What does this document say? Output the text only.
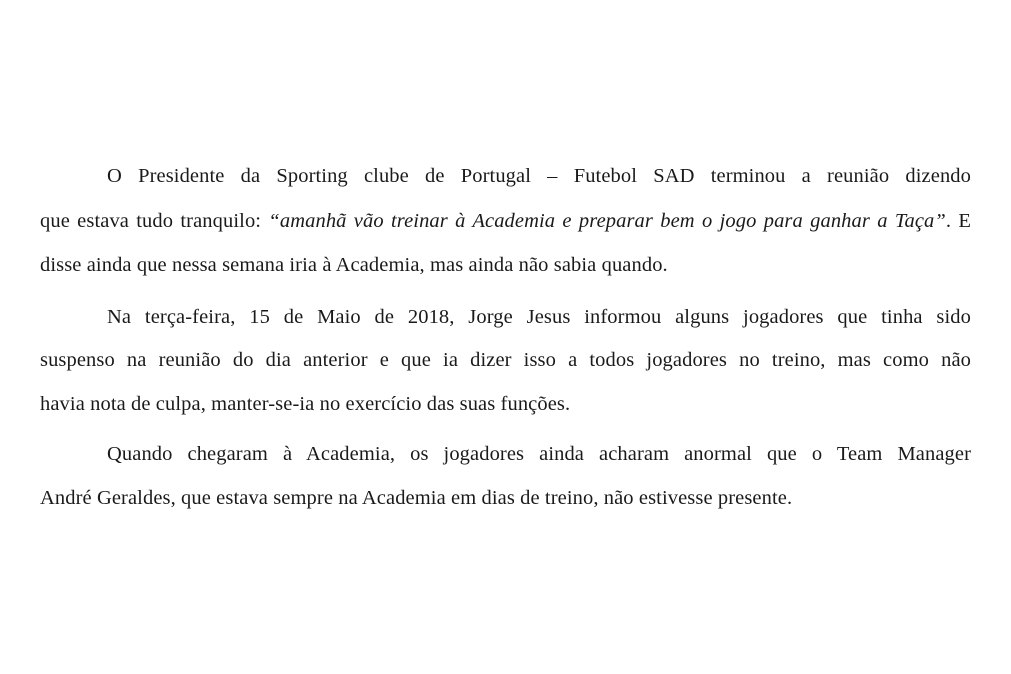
O Presidente da Sporting clube de Portugal – Futebol SAD terminou a reunião dizendo
que estava tudo tranquilo: “amanhã vão treinar à Academia e preparar bem o jogo para ganhar a Taça”. E
disse ainda que nessa semana iria à Academia, mas ainda não sabia quando.
Na terça-feira, 15 de Maio de 2018, Jorge Jesus informou alguns jogadores que tinha sido
suspenso na reunião do dia anterior e que ia dizer isso a todos jogadores no treino, mas como não
havia nota de culpa, manter-se-ia no exercício das suas funções.
Quando chegaram à Academia, os jogadores ainda acharam anormal que o Team Manager
André Geraldes, que estava sempre na Academia em dias de treino, não estivesse presente.
